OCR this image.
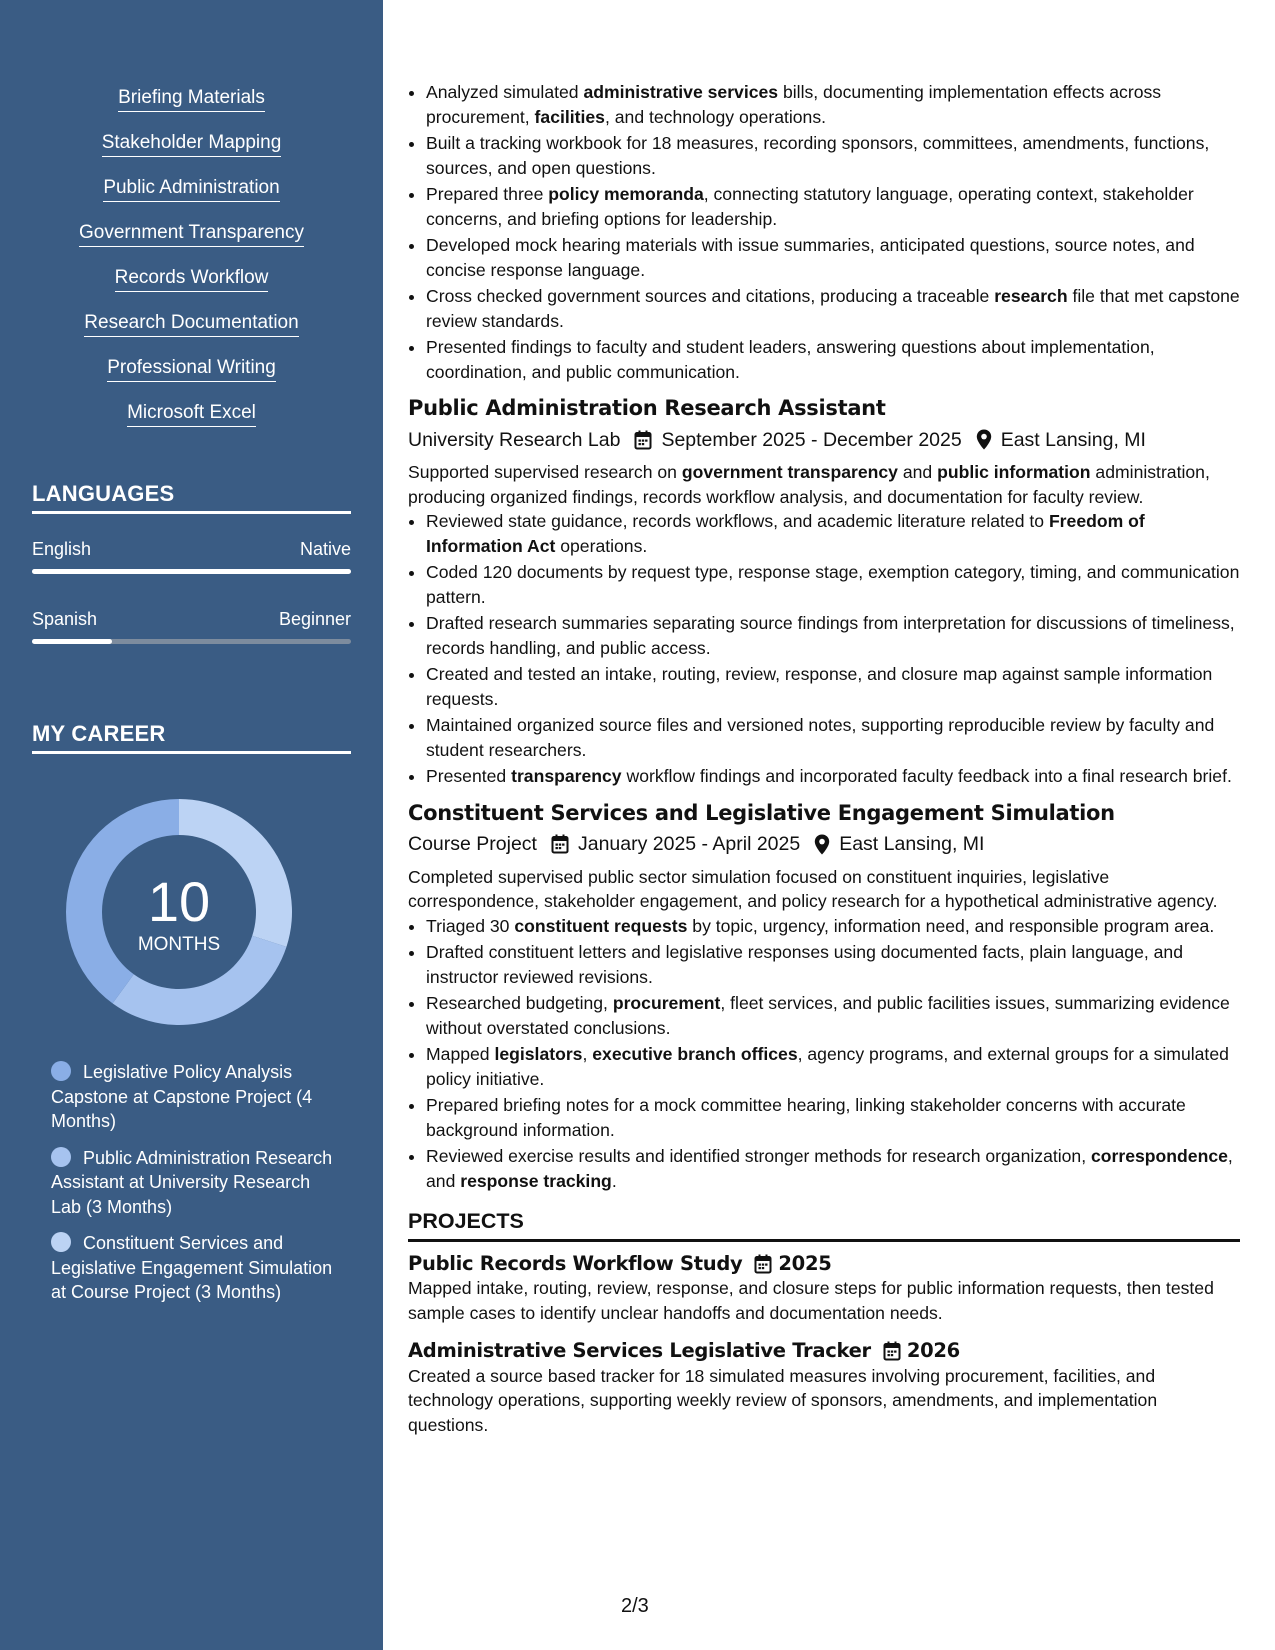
Briefing Materials
Stakeholder Mapping
Public Administration
Government Transparency
Records Workflow
Research Documentation
Professional Writing
Microsoft Excel
LANGUAGES
English	Native
Spanish	Beginner
MY CAREER
10
MONTHS
Legislative Policy Analysis Capstone at Capstone Project (4 Months)
Public Administration Research Assistant at University Research Lab (3 Months)
Constituent Services and Legislative Engagement Simulation at Course Project (3 Months)
• Analyzed simulated administrative services bills, documenting implementation effects across procurement, facilities, and technology operations.
• Built a tracking workbook for 18 measures, recording sponsors, committees, amendments, functions, sources, and open questions.
• Prepared three policy memoranda, connecting statutory language, operating context, stakeholder concerns, and briefing options for leadership.
• Developed mock hearing materials with issue summaries, anticipated questions, source notes, and concise response language.
• Cross checked government sources and citations, producing a traceable research file that met capstone review standards.
• Presented findings to faculty and student leaders, answering questions about implementation, coordination, and public communication.
Public Administration Research Assistant
University Research Lab September 2025 - December 2025 East Lansing, MI
Supported supervised research on government transparency and public information administration, producing organized findings, records workflow analysis, and documentation for faculty review.
• Reviewed state guidance, records workflows, and academic literature related to Freedom of Information Act operations.
• Coded 120 documents by request type, response stage, exemption category, timing, and communication pattern.
• Drafted research summaries separating source findings from interpretation for discussions of timeliness, records handling, and public access.
• Created and tested an intake, routing, review, response, and closure map against sample information requests.
• Maintained organized source files and versioned notes, supporting reproducible review by faculty and student researchers.
• Presented transparency workflow findings and incorporated faculty feedback into a final research brief.
Constituent Services and Legislative Engagement Simulation
Course Project January 2025 - April 2025 East Lansing, MI
Completed supervised public sector simulation focused on constituent inquiries, legislative correspondence, stakeholder engagement, and policy research for a hypothetical administrative agency.
• Triaged 30 constituent requests by topic, urgency, information need, and responsible program area.
• Drafted constituent letters and legislative responses using documented facts, plain language, and instructor reviewed revisions.
• Researched budgeting, procurement, fleet services, and public facilities issues, summarizing evidence without overstated conclusions.
• Mapped legislators, executive branch offices, agency programs, and external groups for a simulated policy initiative.
• Prepared briefing notes for a mock committee hearing, linking stakeholder concerns with accurate background information.
• Reviewed exercise results and identified stronger methods for research organization, correspondence, and response tracking.
PROJECTS
Public Records Workflow Study 2025
Mapped intake, routing, review, response, and closure steps for public information requests, then tested sample cases to identify unclear handoffs and documentation needs.
Administrative Services Legislative Tracker 2026
Created a source based tracker for 18 simulated measures involving procurement, facilities, and technology operations, supporting weekly review of sponsors, amendments, and implementation questions.
2/3
